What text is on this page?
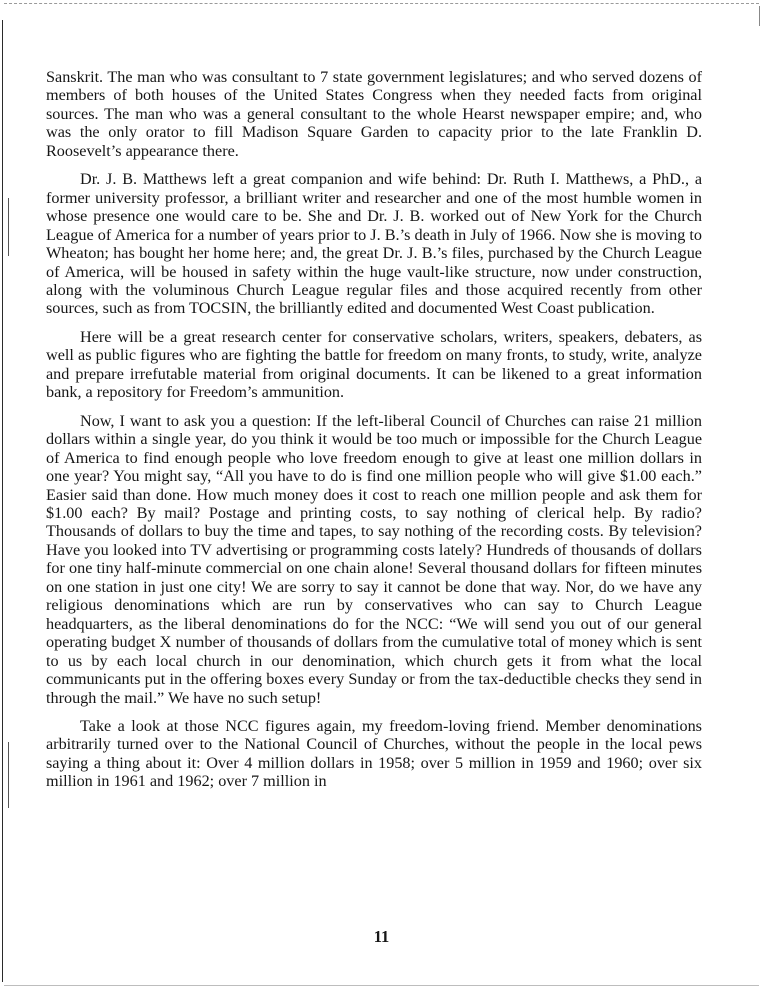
Sanskrit. The man who was consultant to 7 state government legislatures; and who served dozens of members of both houses of the United States Congress when they needed facts from original sources. The man who was a general consultant to the whole Hearst newspaper empire; and, who was the only orator to fill Madison Square Garden to capacity prior to the late Franklin D. Roosevelt’s appearance there.

Dr. J. B. Matthews left a great companion and wife behind: Dr. Ruth I. Matthews, a PhD., a former university professor, a brilliant writer and researcher and one of the most humble women in whose presence one would care to be. She and Dr. J. B. worked out of New York for the Church League of America for a number of years prior to J. B.’s death in July of 1966. Now she is moving to Wheaton; has bought her home here; and, the great Dr. J. B.’s files, purchased by the Church League of America, will be housed in safety within the huge vault-like structure, now under construction, along with the voluminous Church League regular files and those acquired recently from other sources, such as from TOCSIN, the brilliantly edited and documented West Coast publication.

Here will be a great research center for conservative scholars, writers, speakers, debaters, as well as public figures who are fighting the battle for freedom on many fronts, to study, write, analyze and prepare irrefutable material from original documents. It can be likened to a great information bank, a repository for Freedom’s ammunition.

Now, I want to ask you a question: If the left-liberal Council of Churches can raise 21 million dollars within a single year, do you think it would be too much or impossible for the Church League of America to find enough people who love freedom enough to give at least one million dollars in one year? You might say, “All you have to do is find one million people who will give $1.00 each.” Easier said than done. How much money does it cost to reach one million people and ask them for $1.00 each? By mail? Postage and printing costs, to say nothing of clerical help. By radio? Thousands of dollars to buy the time and tapes, to say nothing of the recording costs. By television? Have you looked into TV advertising or programming costs lately? Hundreds of thousands of dollars for one tiny half-minute commercial on one chain alone! Several thousand dollars for fifteen minutes on one station in just one city! We are sorry to say it cannot be done that way. Nor, do we have any religious denominations which are run by conservatives who can say to Church League headquarters, as the liberal denominations do for the NCC: “We will send you out of our general operating budget X number of thousands of dollars from the cumulative total of money which is sent to us by each local church in our denomination, which church gets it from what the local communicants put in the offering boxes every Sunday or from the tax-deductible checks they send in through the mail.” We have no such setup!

Take a look at those NCC figures again, my freedom-loving friend. Member denominations arbitrarily turned over to the National Council of Churches, without the people in the local pews saying a thing about it: Over 4 million dollars in 1958; over 5 million in 1959 and 1960; over six million in 1961 and 1962; over 7 million in

11
